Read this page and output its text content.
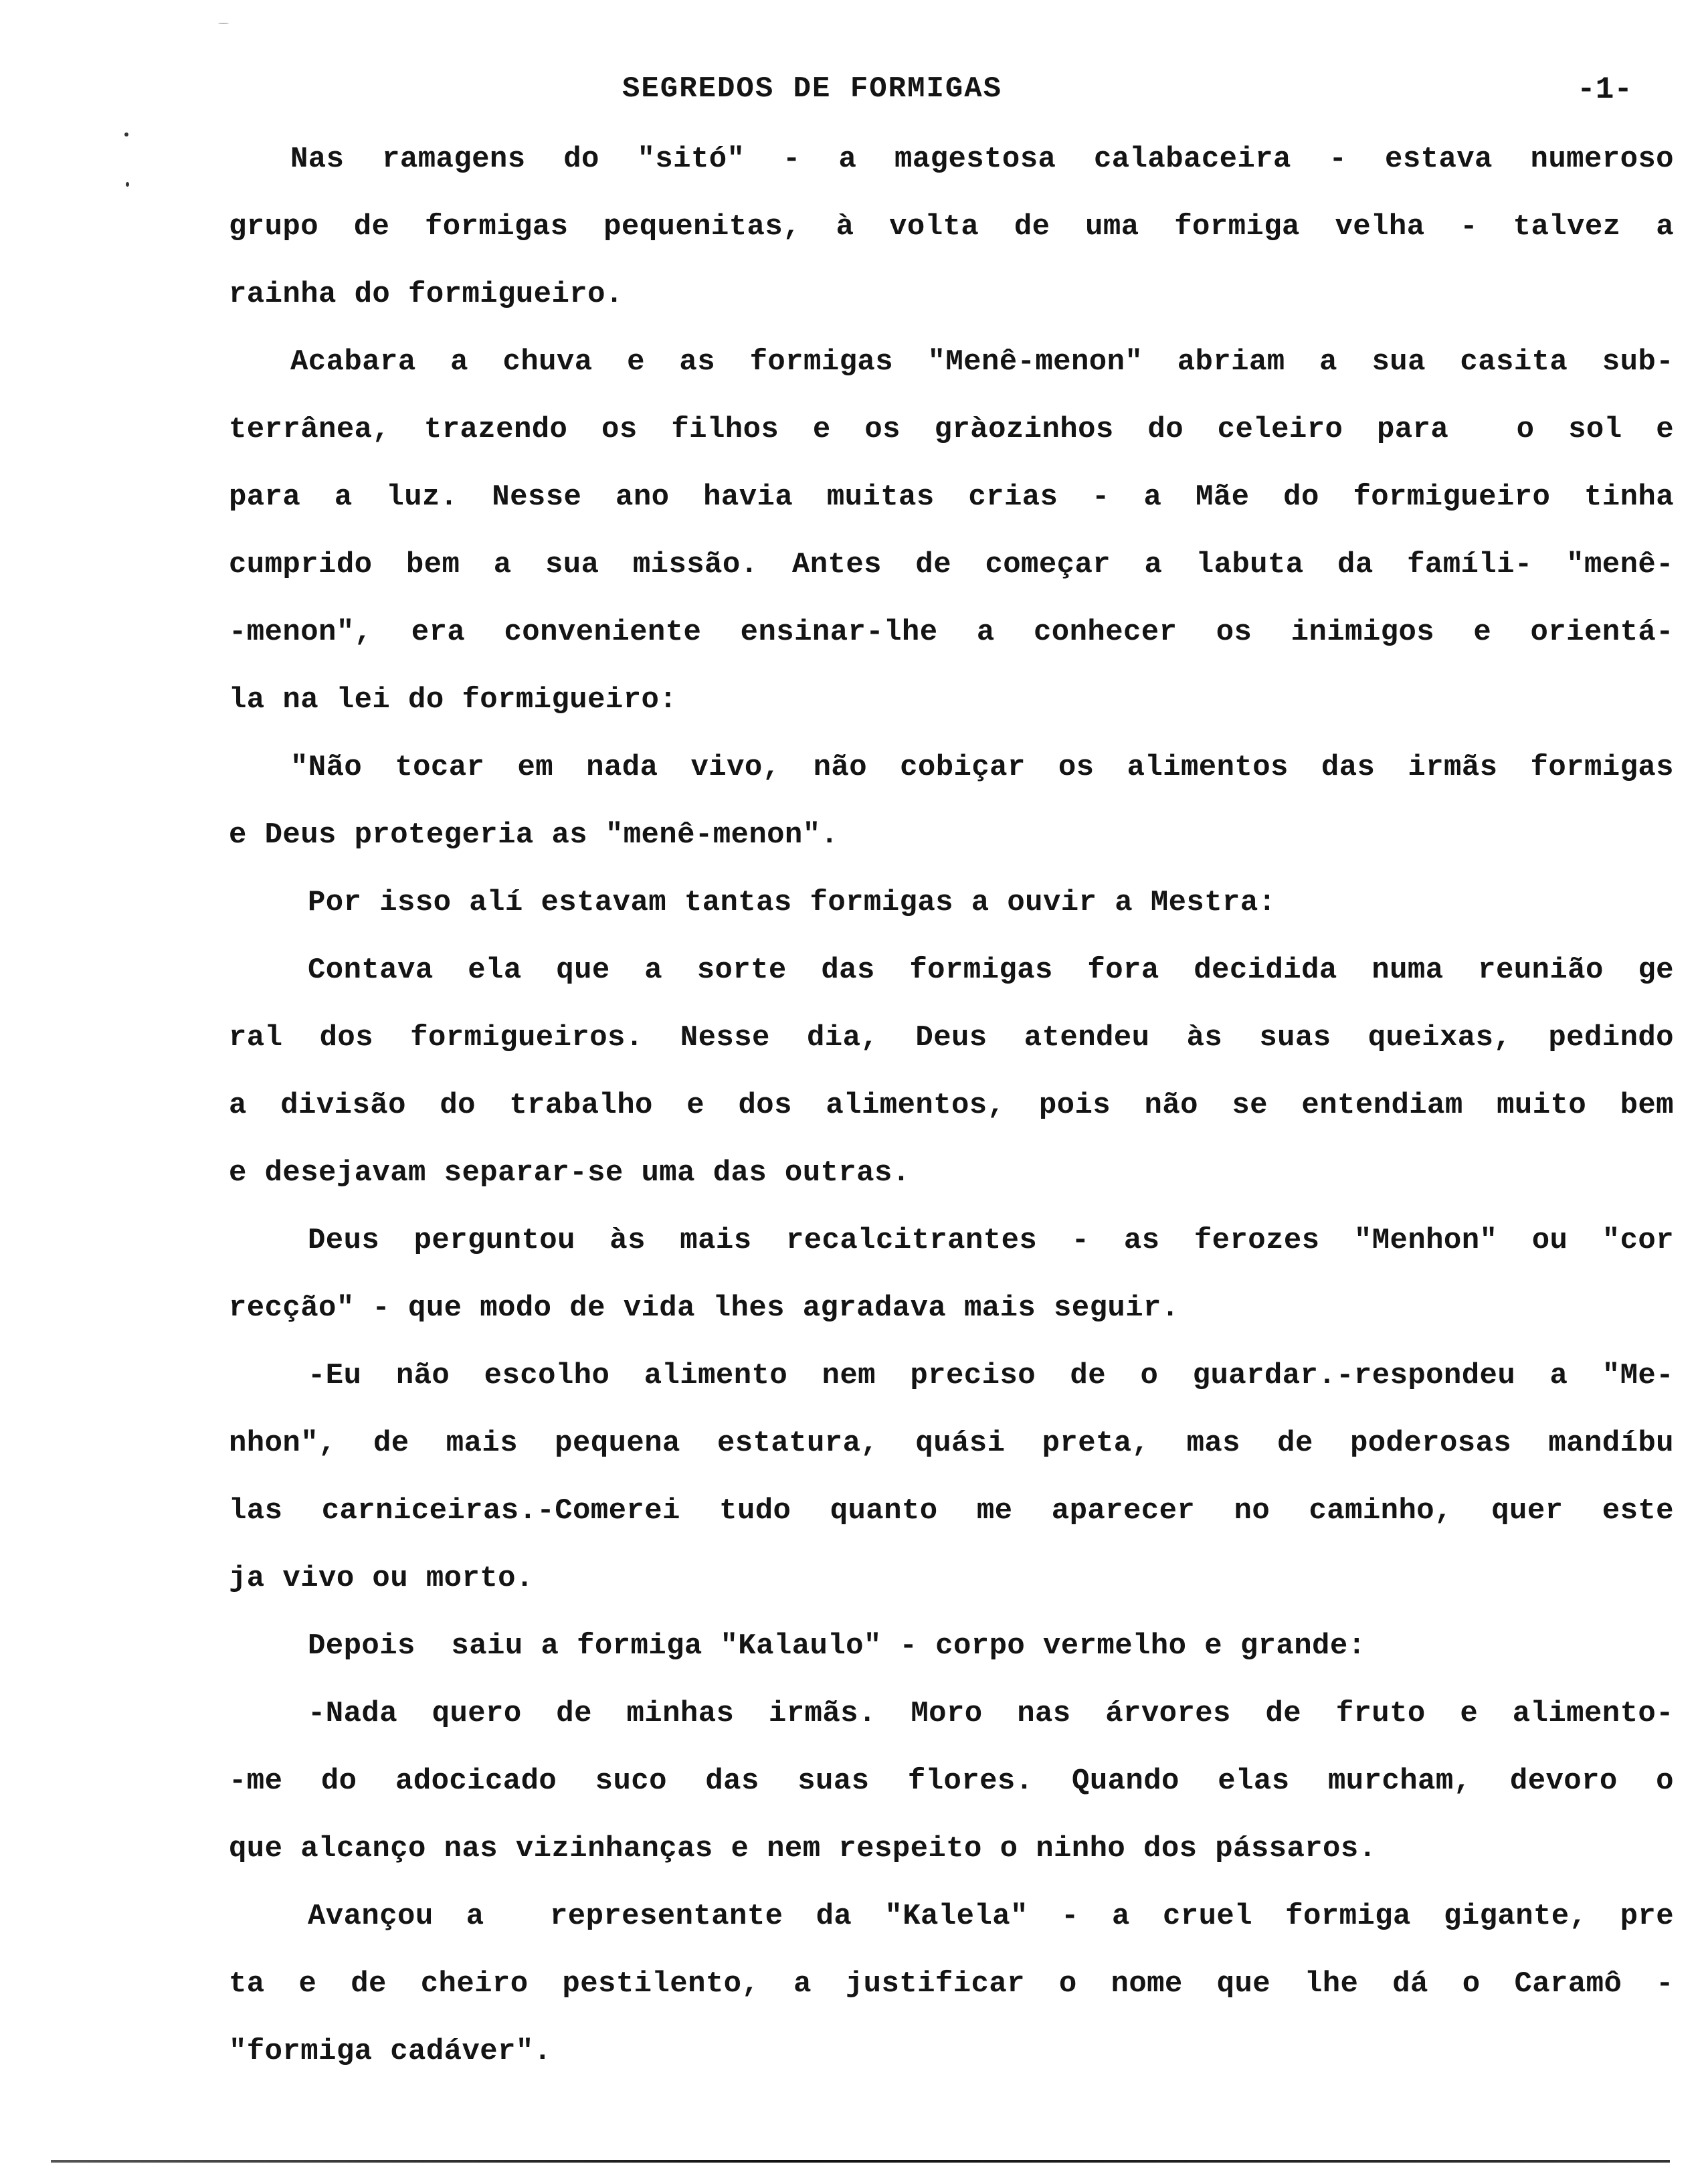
SEGREDOS DE FORMIGAS	-1-
Nas ramagens do "sitó" - a magestosa calabaceira - estava numeroso
grupo de formigas pequenitas, à volta de uma formiga velha - talvez a
rainha do formigueiro.
Acabara a chuva e as formigas "Menê-menon" abriam a sua casita sub-
terrânea, trazendo os filhos e os gràozinhos do celeiro para  o sol e
para a luz. Nesse ano havia muitas crias - a Mãe do formigueiro tinha
cumprido bem a sua missão. Antes de começar a labuta da famíli- "menê-
-menon", era conveniente ensinar-lhe a conhecer os inimigos e orientá-
la na lei do formigueiro:
"Não tocar em nada vivo, não cobiçar os alimentos das irmãs formigas
e Deus protegeria as "menê-menon".
Por isso alí estavam tantas formigas a ouvir a Mestra:
Contava ela que a sorte das formigas fora decidida numa reunião ge
ral dos formigueiros. Nesse dia, Deus atendeu às suas queixas, pedindo
a divisão do trabalho e dos alimentos, pois não se entendiam muito bem
e desejavam separar-se uma das outras.
Deus perguntou às mais recalcitrantes - as ferozes "Menhon" ou "cor
recção" - que modo de vida lhes agradava mais seguir.
-Eu não escolho alimento nem preciso de o guardar.-respondeu a "Me-
nhon", de mais pequena estatura, quási preta, mas de poderosas mandíbu
las carniceiras.-Comerei tudo quanto me aparecer no caminho, quer este
ja vivo ou morto.
Depois  saiu a formiga "Kalaulo" - corpo vermelho e grande:
-Nada quero de minhas irmãs. Moro nas árvores de fruto e alimento-
-me do adocicado suco das suas flores. Quando elas murcham, devoro o
que alcanço nas vizinhanças e nem respeito o ninho dos pássaros.
Avançou a  representante da "Kalela" - a cruel formiga gigante, pre
ta e de cheiro pestilento, a justificar o nome que lhe dá o Caramô -
"formiga cadáver".
